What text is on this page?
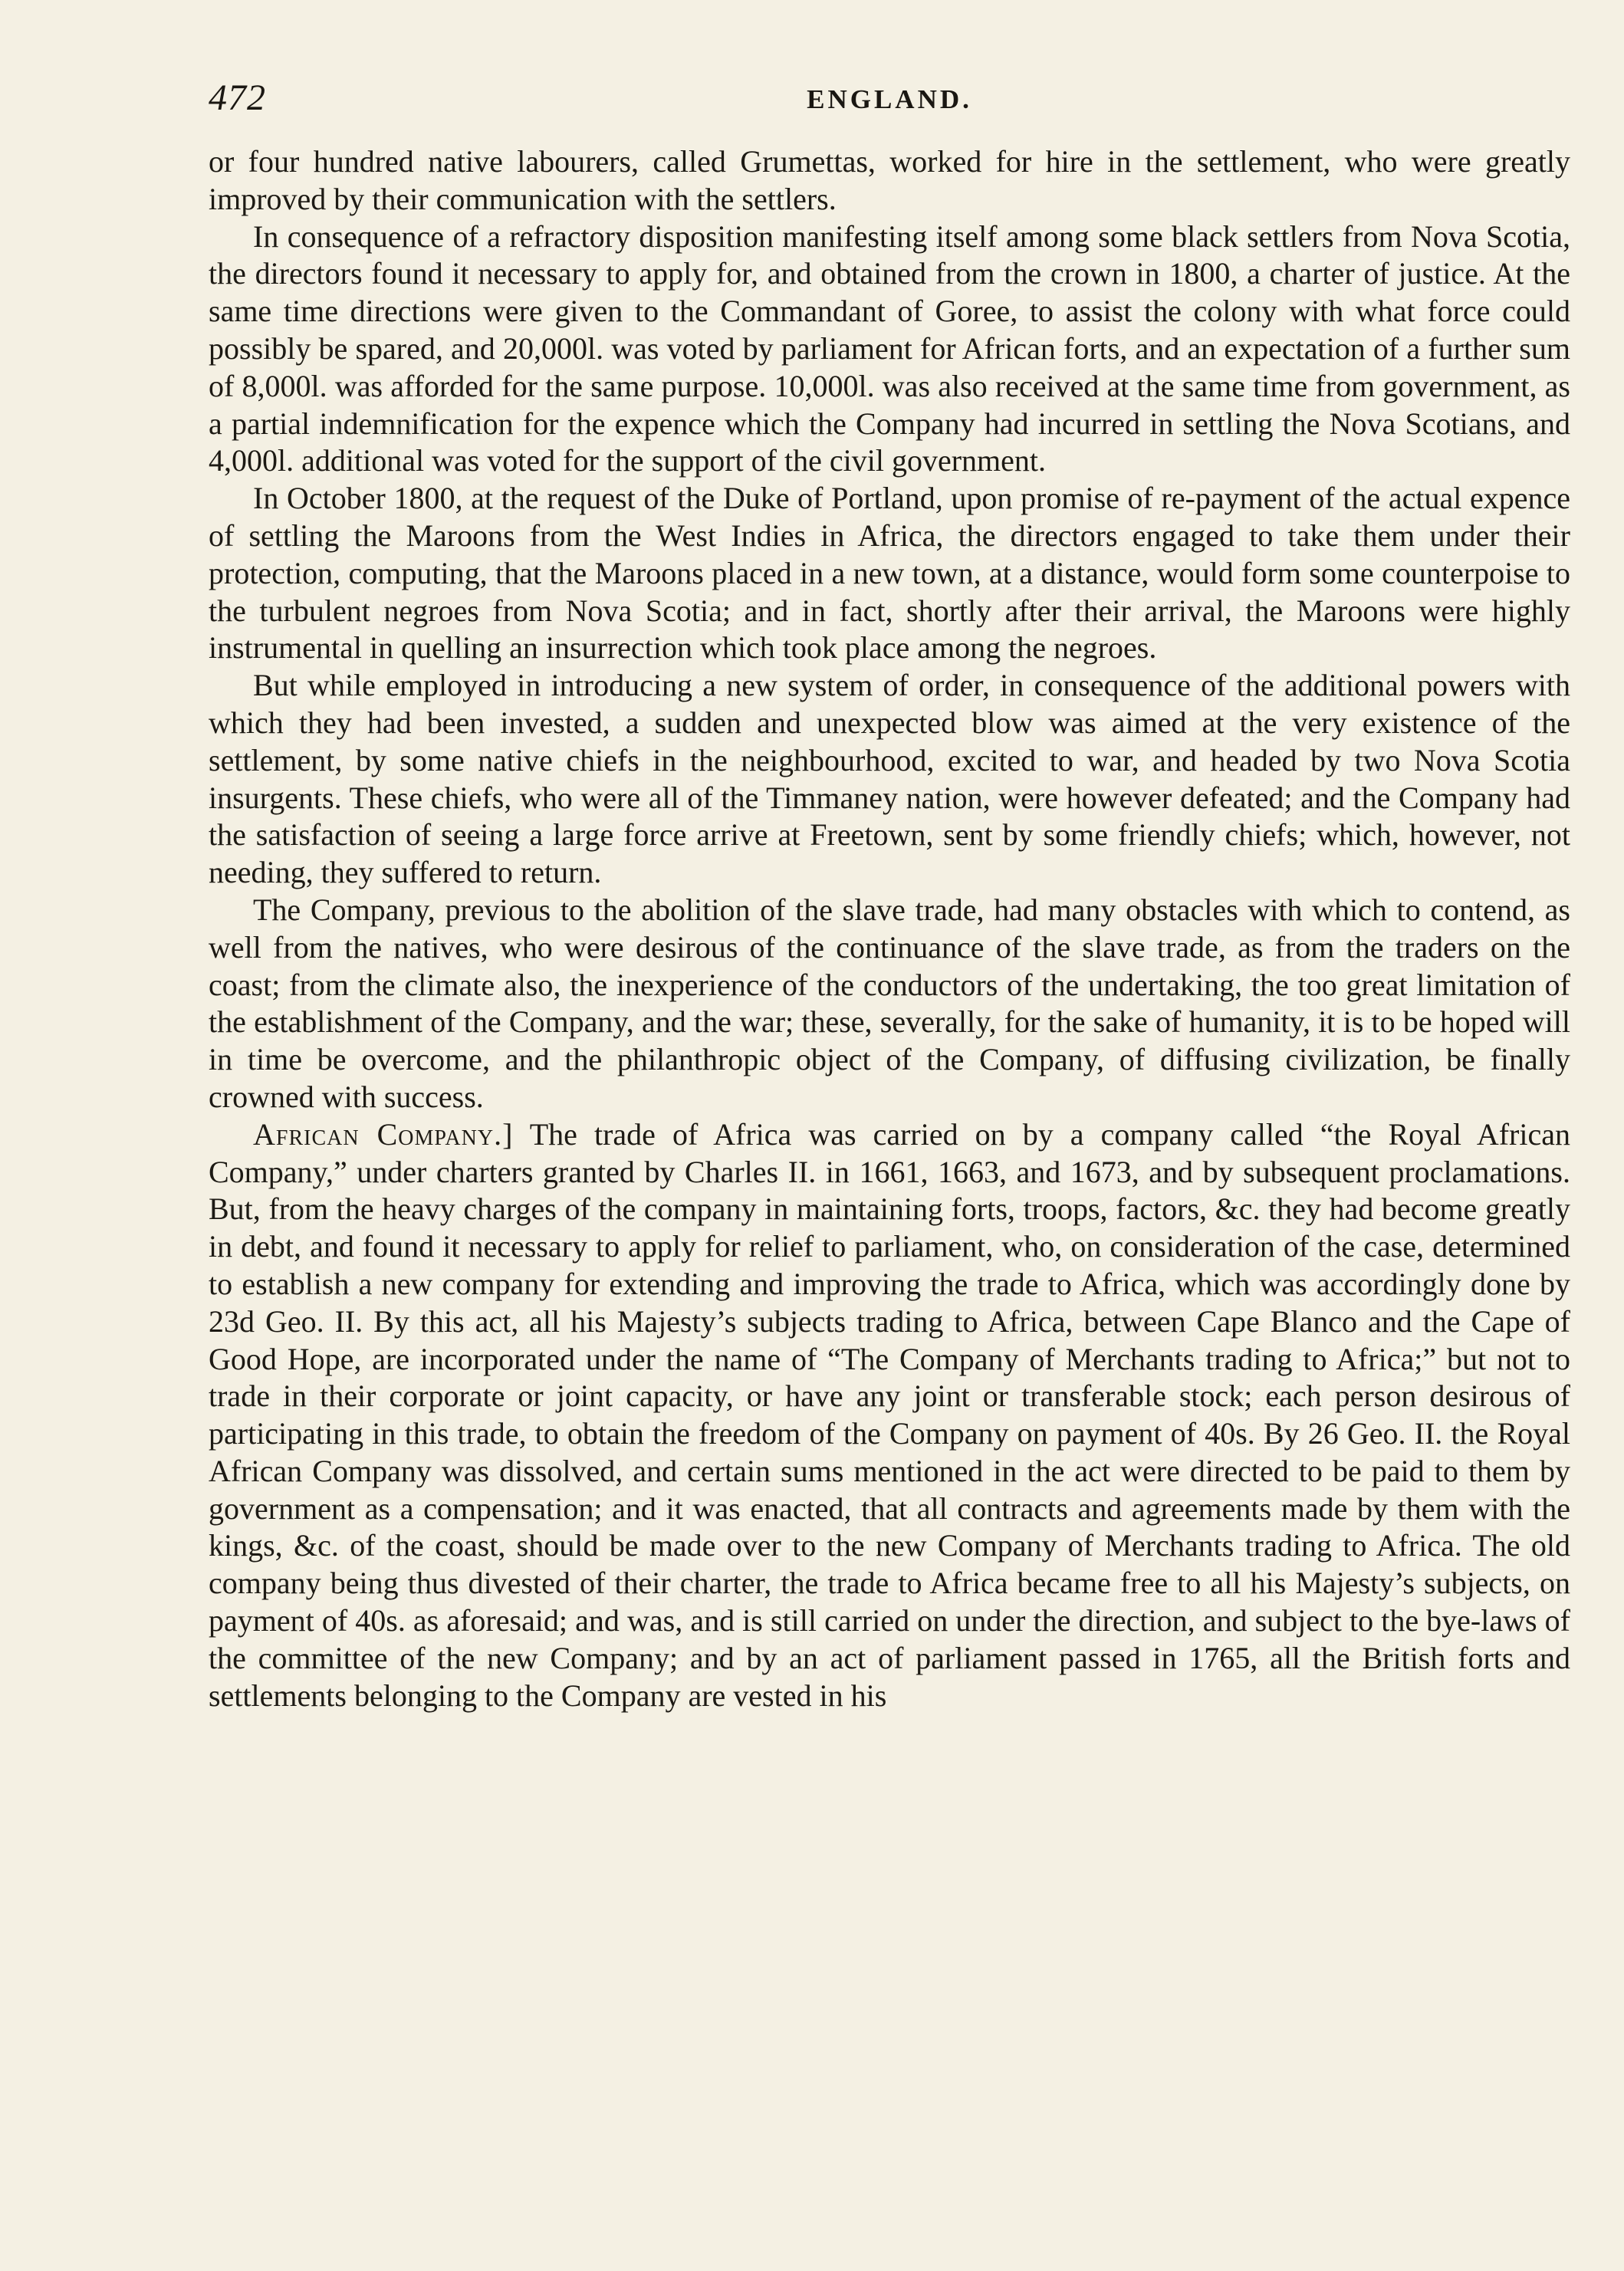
472	ENGLAND.

or four hundred native labourers, called Grumettas, worked for hire in the settlement, who were greatly improved by their communication with the settlers.

In consequence of a refractory disposition manifesting itself among some black settlers from Nova Scotia, the directors found it necessary to apply for, and obtained from the crown in 1800, a charter of justice. At the same time directions were given to the Commandant of Goree, to assist the colony with what force could possibly be spared, and 20,000l. was voted by parliament for African forts, and an expectation of a further sum of 8,000l. was afforded for the same purpose. 10,000l. was also received at the same time from government, as a partial indemnification for the expence which the Company had incurred in settling the Nova Scotians, and 4,000l. additional was voted for the support of the civil government.

In October 1800, at the request of the Duke of Portland, upon promise of re-payment of the actual expence of settling the Maroons from the West Indies in Africa, the directors engaged to take them under their protection, computing, that the Maroons placed in a new town, at a distance, would form some counterpoise to the turbulent negroes from Nova Scotia; and in fact, shortly after their arrival, the Maroons were highly instrumental in quelling an insurrection which took place among the negroes.

But while employed in introducing a new system of order, in consequence of the additional powers with which they had been invested, a sudden and unexpected blow was aimed at the very existence of the settlement, by some native chiefs in the neighbourhood, excited to war, and headed by two Nova Scotia insurgents. These chiefs, who were all of the Timmaney nation, were however defeated; and the Company had the satisfaction of seeing a large force arrive at Freetown, sent by some friendly chiefs; which, however, not needing, they suffered to return.

The Company, previous to the abolition of the slave trade, had many obstacles with which to contend, as well from the natives, who were desirous of the continuance of the slave trade, as from the traders on the coast; from the climate also, the inexperience of the conductors of the undertaking, the too great limitation of the establishment of the Company, and the war; these, severally, for the sake of humanity, it is to be hoped will in time be overcome, and the philanthropic object of the Company, of diffusing civilization, be finally crowned with success.

African Company.] The trade of Africa was carried on by a company called “the Royal African Company,” under charters granted by Charles II. in 1661, 1663, and 1673, and by subsequent proclamations. But, from the heavy charges of the company in maintaining forts, troops, factors, &c. they had become greatly in debt, and found it necessary to apply for relief to parliament, who, on consideration of the case, determined to establish a new company for extending and improving the trade to Africa, which was accordingly done by 23d Geo. II. By this act, all his Majesty’s subjects trading to Africa, between Cape Blanco and the Cape of Good Hope, are incorporated under the name of “The Company of Merchants trading to Africa;” but not to trade in their corporate or joint capacity, or have any joint or transferable stock; each person desirous of participating in this trade, to obtain the freedom of the Company on payment of 40s. By 26 Geo. II. the Royal African Company was dissolved, and certain sums mentioned in the act were directed to be paid to them by government as a compensation; and it was enacted, that all contracts and agreements made by them with the kings, &c. of the coast, should be made over to the new Company of Merchants trading to Africa. The old company being thus divested of their charter, the trade to Africa became free to all his Majesty’s subjects, on payment of 40s. as aforesaid; and was, and is still carried on under the direction, and subject to the bye-laws of the committee of the new Company; and by an act of parliament passed in 1765, all the British forts and settlements belonging to the Company are vested in his
